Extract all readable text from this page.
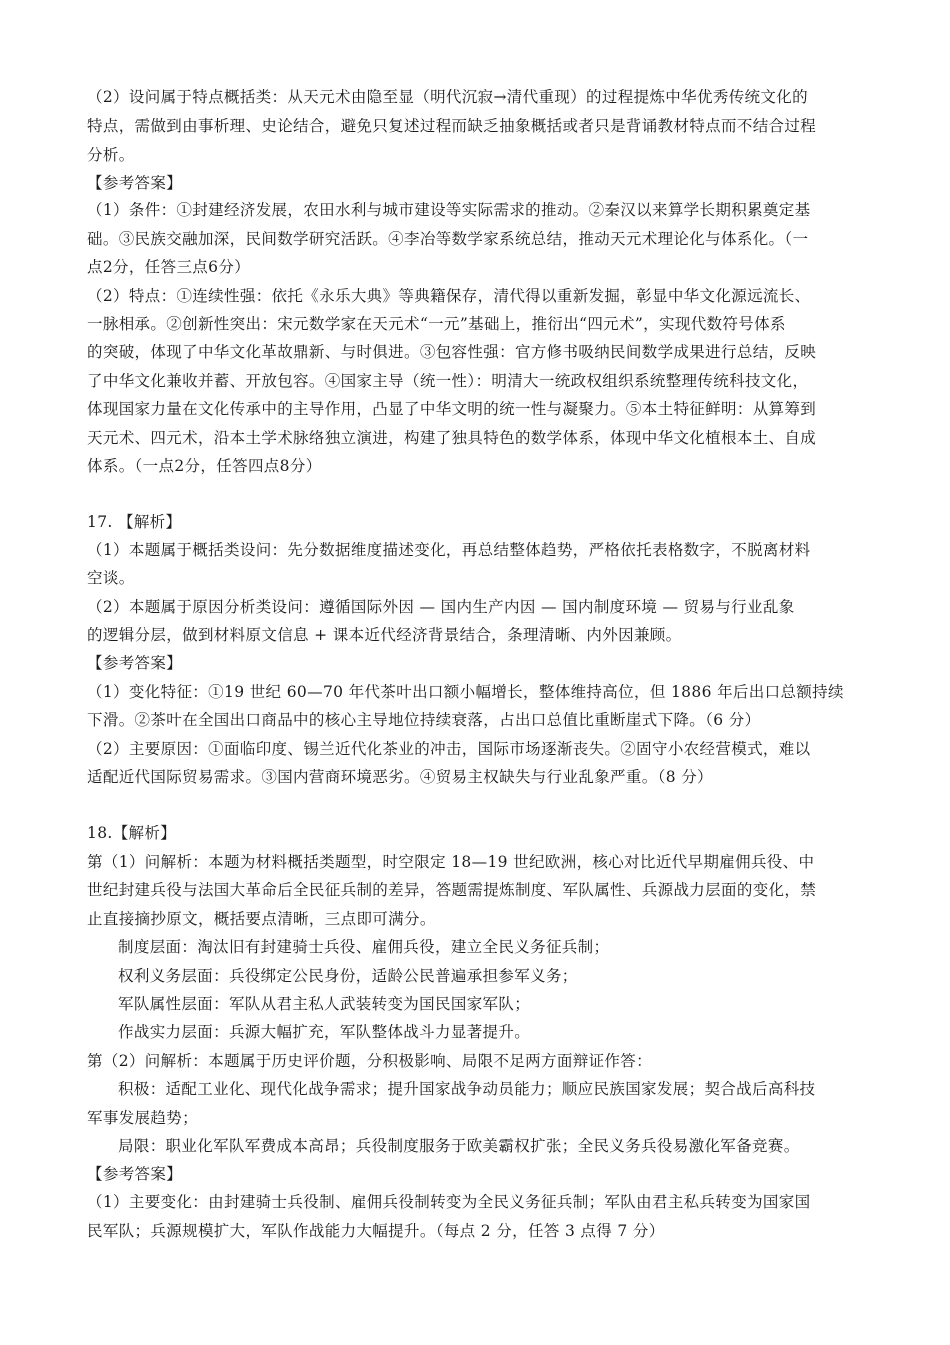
（2）设问属于特点概括类：从天元术由隐至显（明代沉寂→清代重现）的过程提炼中华优秀传统文化的
特点，需做到由事析理、史论结合，避免只复述过程而缺乏抽象概括或者只是背诵教材特点而不结合过程
分析。
【参考答案】
（1）条件：①封建经济发展，农田水利与城市建设等实际需求的推动。②秦汉以来算学长期积累奠定基
础。③民族交融加深，民间数学研究活跃。④李冶等数学家系统总结，推动天元术理论化与体系化。（一
点2分，任答三点6分）
（2）特点：①连续性强：依托《永乐大典》等典籍保存，清代得以重新发掘，彰显中华文化源远流长、
一脉相承。②创新性突出：宋元数学家在天元术“一元”基础上，推衍出“四元术”，实现代数符号体系
的突破，体现了中华文化革故鼎新、与时俱进。③包容性强：官方修书吸纳民间数学成果进行总结，反映
了中华文化兼收并蓄、开放包容。④国家主导（统一性）：明清大一统政权组织系统整理传统科技文化，
体现国家力量在文化传承中的主导作用，凸显了中华文明的统一性与凝聚力。⑤本土特征鲜明：从算筹到
天元术、四元术，沿本土学术脉络独立演进，构建了独具特色的数学体系，体现中华文化植根本土、自成
体系。（一点2分，任答四点8分）
17. 【解析】
（1）本题属于概括类设问：先分数据维度描述变化，再总结整体趋势，严格依托表格数字，不脱离材料
空谈。
（2）本题属于原因分析类设问：遵循国际外因 — 国内生产内因 — 国内制度环境 — 贸易与行业乱象
的逻辑分层，做到材料原文信息 + 课本近代经济背景结合，条理清晰、内外因兼顾。
【参考答案】
（1）变化特征：①19 世纪 60—70 年代茶叶出口额小幅增长，整体维持高位，但 1886 年后出口总额持续
下滑。②茶叶在全国出口商品中的核心主导地位持续衰落，占出口总值比重断崖式下降。（6 分）
（2）主要原因：①面临印度、锡兰近代化茶业的冲击，国际市场逐渐丧失。②固守小农经营模式，难以
适配近代国际贸易需求。③国内营商环境恶劣。④贸易主权缺失与行业乱象严重。（8 分）
18.【解析】
第（1）问解析：本题为材料概括类题型，时空限定 18—19 世纪欧洲，核心对比近代早期雇佣兵役、中
世纪封建兵役与法国大革命后全民征兵制的差异，答题需提炼制度、军队属性、兵源战力层面的变化，禁
止直接摘抄原文，概括要点清晰，三点即可满分。
制度层面：淘汰旧有封建骑士兵役、雇佣兵役，建立全民义务征兵制；
权利义务层面：兵役绑定公民身份，适龄公民普遍承担参军义务；
军队属性层面：军队从君主私人武装转变为国民国家军队；
作战实力层面：兵源大幅扩充，军队整体战斗力显著提升。
第（2）问解析：本题属于历史评价题，分积极影响、局限不足两方面辩证作答：
积极：适配工业化、现代化战争需求；提升国家战争动员能力；顺应民族国家发展；契合战后高科技
军事发展趋势；
局限：职业化军队军费成本高昂；兵役制度服务于欧美霸权扩张；全民义务兵役易激化军备竞赛。
【参考答案】
（1）主要变化：由封建骑士兵役制、雇佣兵役制转变为全民义务征兵制；军队由君主私兵转变为国家国
民军队；兵源规模扩大，军队作战能力大幅提升。（每点 2 分，任答 3 点得 7 分）
